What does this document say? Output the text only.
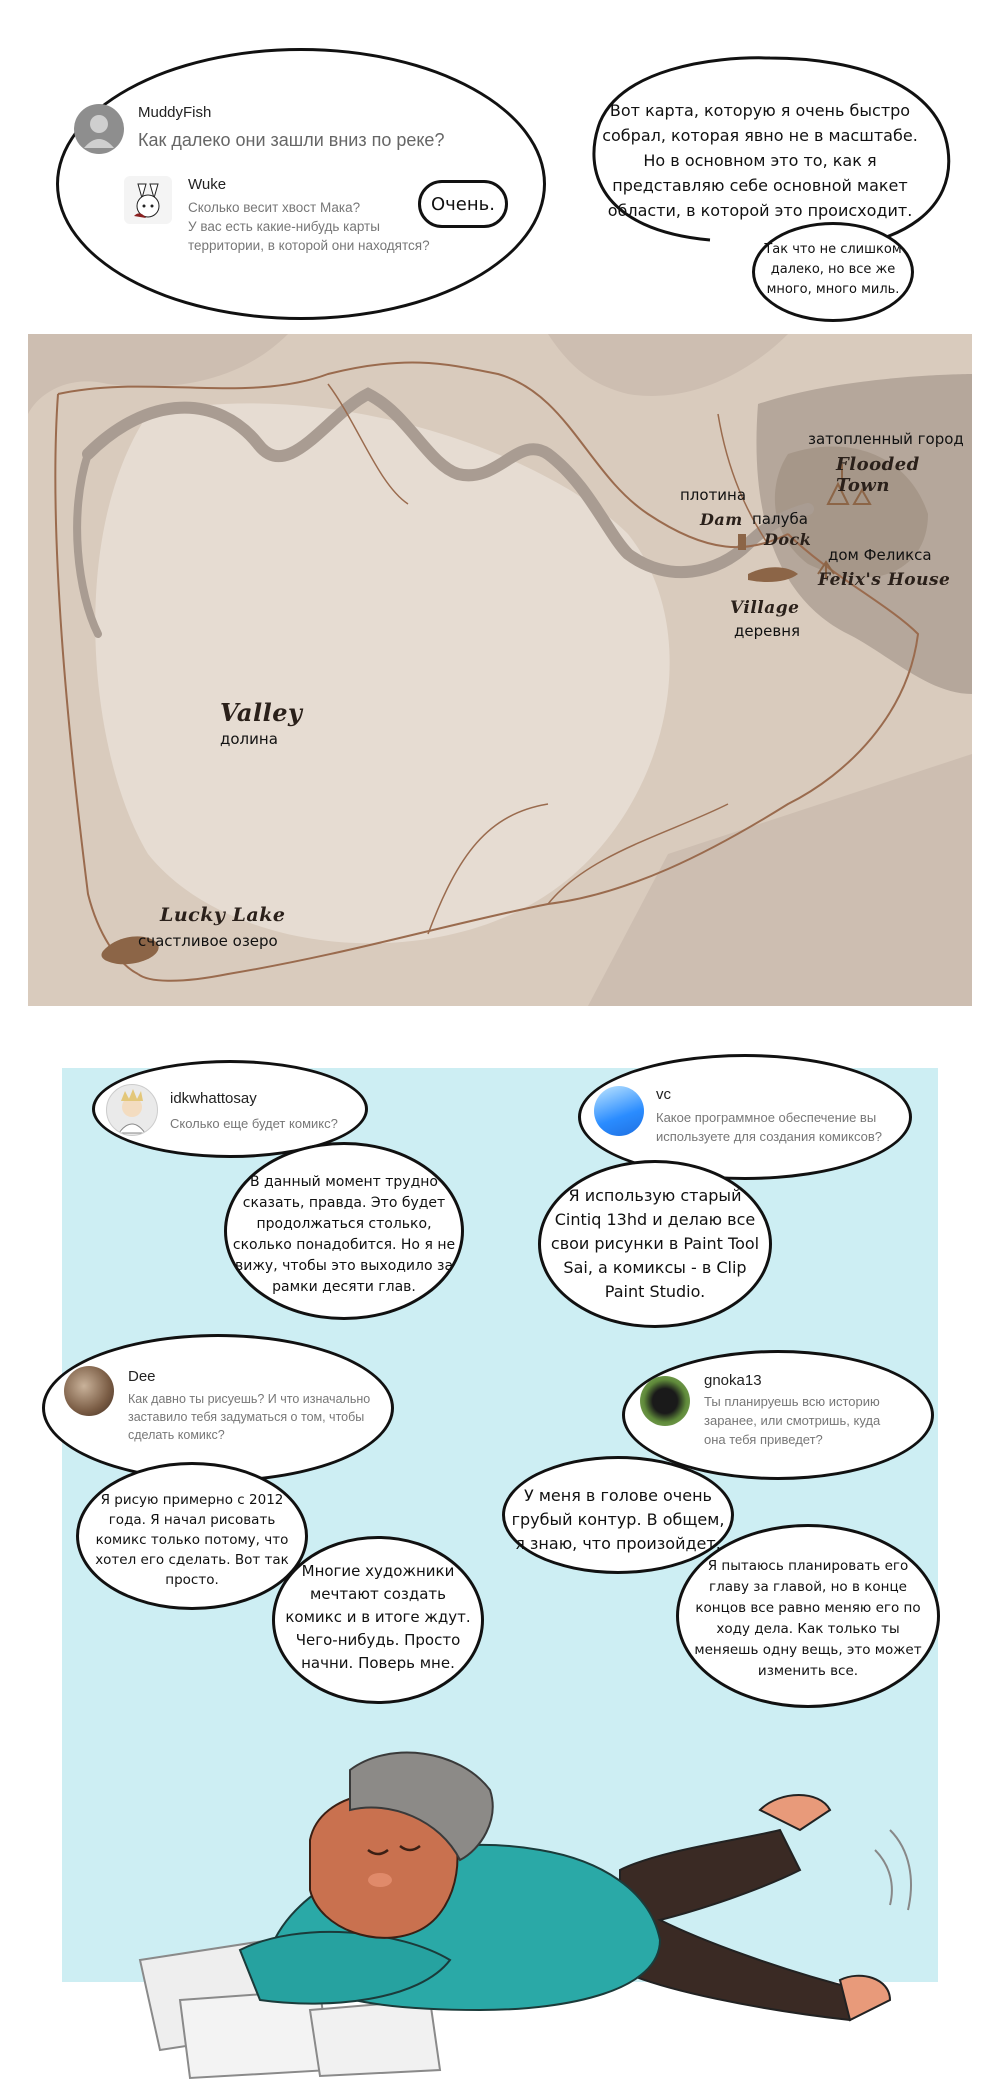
MuddyFish
Как далеко они зашли вниз по реке?
Wuke
Сколько весит хвост Мака?
У вас есть какие-нибудь карты
территории, в которой они находятся?
Очень.
Вот карта, которую я очень быстро
собрал, которая явно не в масштабе.
Но в основном это то, как я
представляю себе основной макет
области, в которой это происходит.
Так что не слишком
далеко, но все же
много, много миль.
затопленный город
Flooded Town
плотина
Dam палуба
Dock
дом Феликса
Felix's House
Village
деревня
Valley
долина
Lucky Lake
счастливое озеро
idkwhattosay
Сколько еще будет комикс?
В данный момент трудно
сказать, правда. Это будет
продолжаться столько,
сколько понадобится. Но я не
вижу, чтобы это выходило за
рамки десяти глав.
vc
Какое программное обеспечение вы
используете для создания комиксов?
Я использую старый
Cintiq 13hd и делаю все
свои рисунки в Paint Tool
Sai, а комиксы - в Clip
Paint Studio.
Dee
Как давно ты рисуешь? И что изначально
заставило тебя задуматься о том, чтобы
сделать комикс?
Я рисую примерно с 2012
года. Я начал рисовать
комикс только потому, что
хотел его сделать. Вот так
просто.	Многие художники
мечтают создать
комикс и в итоге ждут.
Чего-нибудь. Просто
начни. Поверь мне.
gnoka13
Ты планируешь всю историю
заранее, или смотришь, куда
она тебя приведет?
У меня в голове очень
грубый контур. В общем,
я знаю, что произойдет.
Я пытаюсь планировать его
главу за главой, но в конце
концов все равно меняю его по
ходу дела. Как только ты
меняешь одну вещь, это может
изменить все.
